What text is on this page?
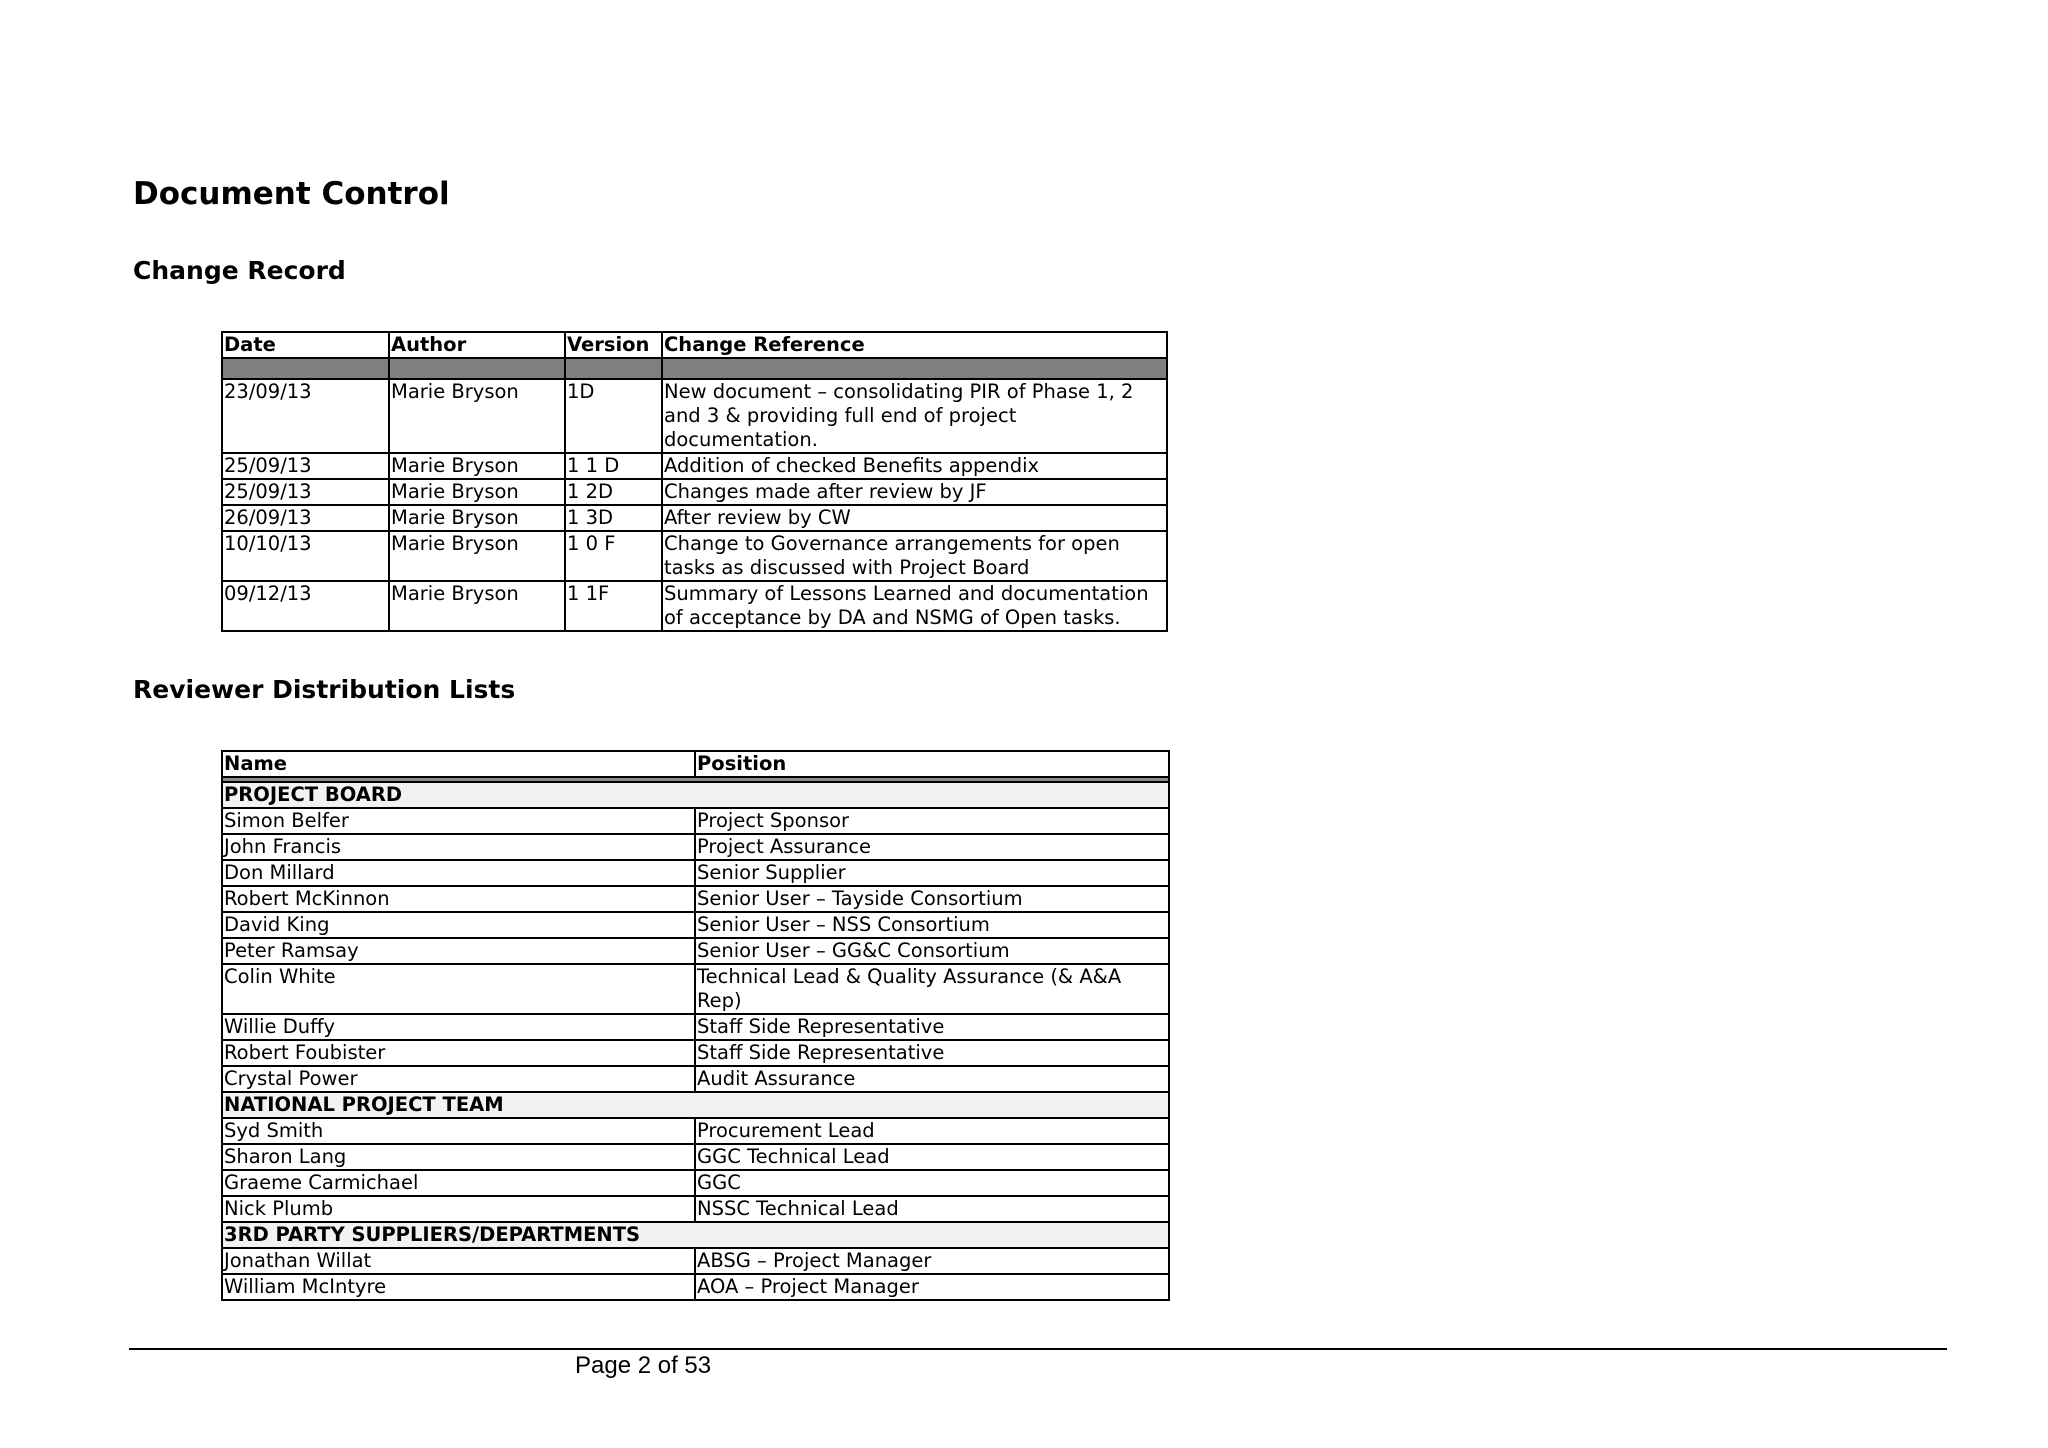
Document Control
Change Record
Date	Author	Version	Change Reference

23/09/13	Marie Bryson	1D	New document – consolidating PIR of Phase 1, 2 and 3 & providing full end of project documentation.
25/09/13	Marie Bryson	1 1 D	Addition of checked Benefits appendix
25/09/13	Marie Bryson	1 2D	Changes made after review by JF
26/09/13	Marie Bryson	1 3D	After review by CW
10/10/13	Marie Bryson	1 0 F	Change to Governance arrangements for open tasks as discussed with Project Board
09/12/13	Marie Bryson	1 1F	Summary of Lessons Learned and documentation of acceptance by DA and NSMG of Open tasks.
Reviewer Distribution Lists
Name	Position

PROJECT BOARD	
Simon Belfer	Project Sponsor
John Francis	Project Assurance
Don Millard	Senior Supplier
Robert McKinnon	Senior User – Tayside Consortium
David King	Senior User – NSS Consortium
Peter Ramsay	Senior User – GG&C Consortium
Colin White	Technical Lead & Quality Assurance (& A&A Rep)
Willie Duffy	Staff Side Representative
Robert Foubister	Staff Side Representative
Crystal Power	Audit Assurance
NATIONAL PROJECT TEAM	
Syd Smith	Procurement Lead
Sharon Lang	GGC Technical Lead
Graeme Carmichael	GGC
Nick Plumb	NSSC Technical Lead
3RD PARTY SUPPLIERS/DEPARTMENTS	
Jonathan Willat	ABSG – Project Manager
William McIntyre	AOA – Project Manager
Page 2 of 53
